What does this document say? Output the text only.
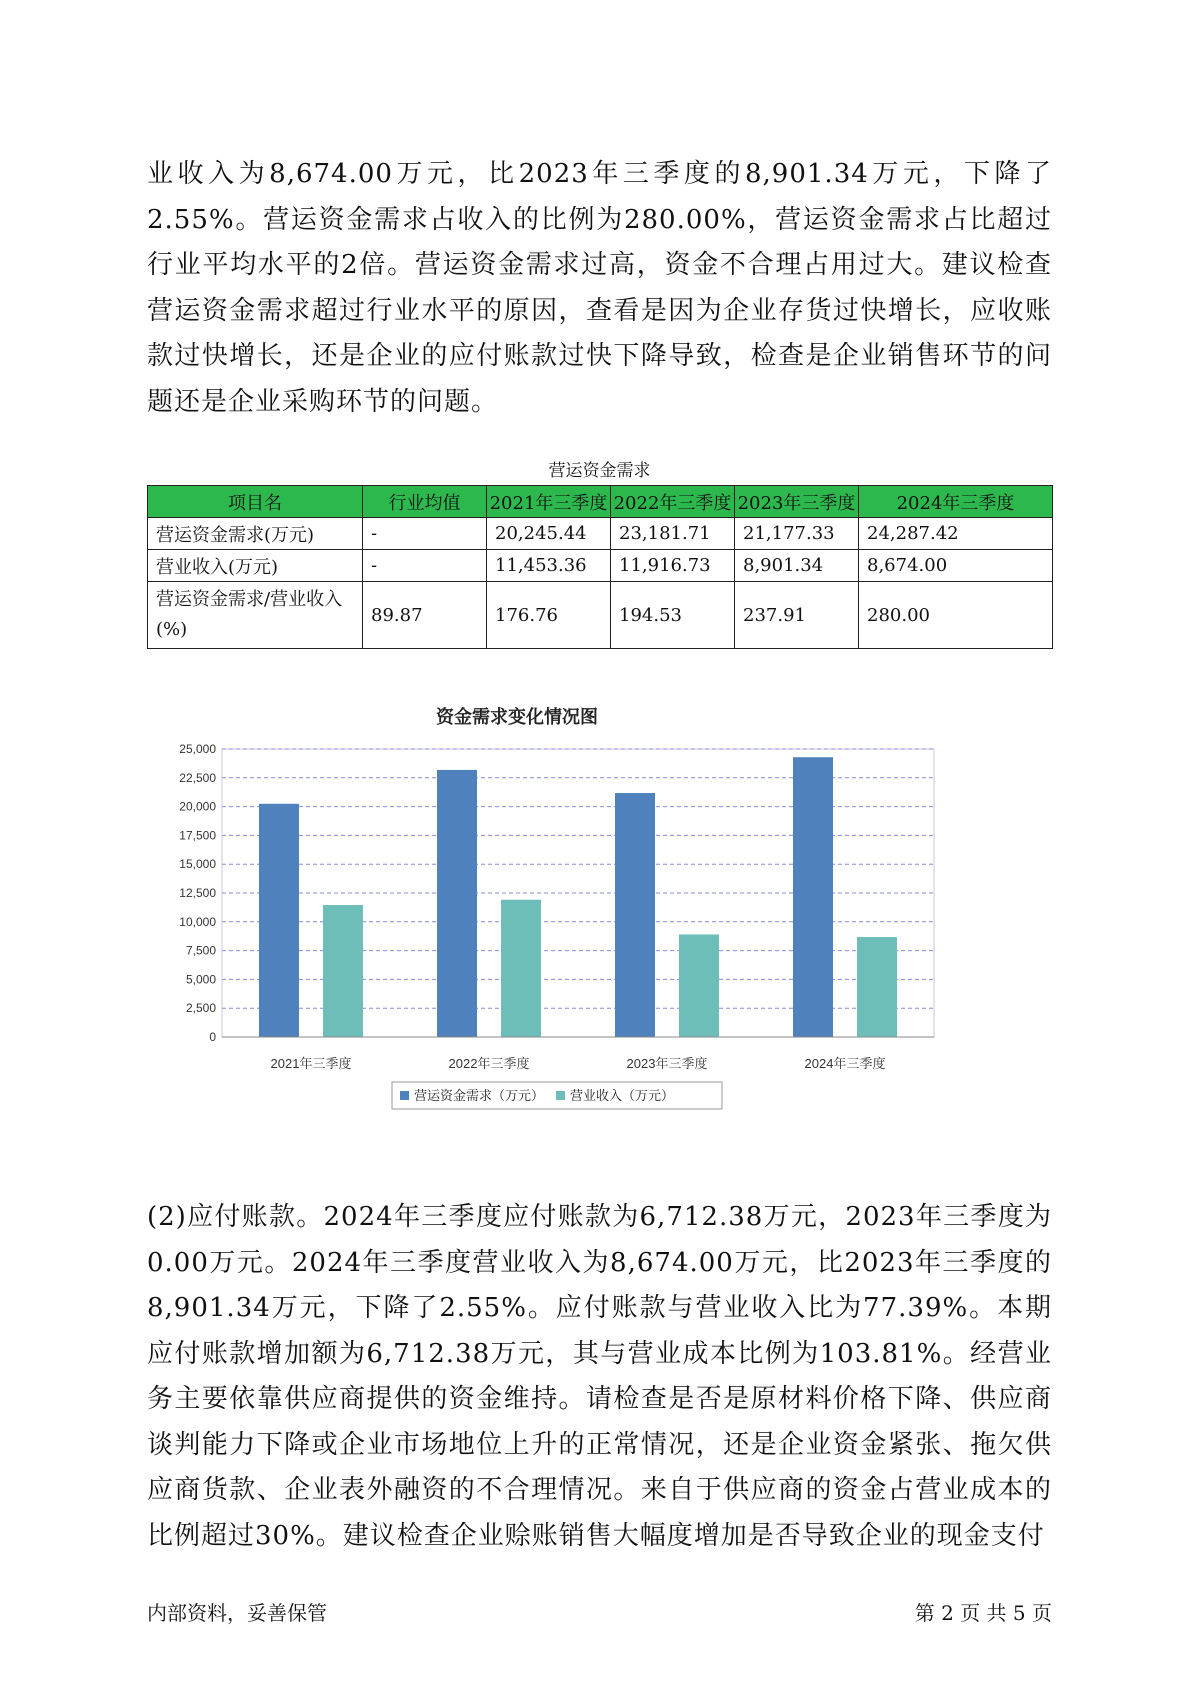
业收入为8,674.00万元，比2023年三季度的8,901.34万元，下降了2.55%。营运资金需求占收入的比例为280.00%，营运资金需求占比超过行业平均水平的2倍。营运资金需求过高，资金不合理占用过大。建议检查营运资金需求超过行业水平的原因，查看是因为企业存货过快增长，应收账款过快增长，还是企业的应付账款过快下降导致，检查是企业销售环节的问题还是企业采购环节的问题。

营运资金需求
项目名	行业均值	2021年三季度	2022年三季度	2023年三季度	2024年三季度
营运资金需求(万元)	-	20,245.44	23,181.71	21,177.33	24,287.42
营业收入(万元)	-	11,453.36	11,916.73	8,901.34	8,674.00
营运资金需求/营业收入(%)	89.87	176.76	194.53	237.91	280.00
资金需求变化情况图
0
2,500
5,000
7,500
10,000
12,500
15,000
17,500
20,000
22,500
25,000
2021年三季度	2022年三季度	2023年三季度	2024年三季度
营运资金需求（万元） 营业收入（万元）

(2)应付账款。2024年三季度应付账款为6,712.38万元，2023年三季度为0.00万元。2024年三季度营业收入为8,674.00万元，比2023年三季度的8,901.34万元，下降了2.55%。应付账款与营业收入比为77.39%。本期应付账款增加额为6,712.38万元，其与营业成本比例为103.81%。经营业务主要依靠供应商提供的资金维持。请检查是否是原材料价格下降、供应商谈判能力下降或企业市场地位上升的正常情况，还是企业资金紧张、拖欠供应商货款、企业表外融资的不合理情况。来自于供应商的资金占营业成本的比例超过30%。建议检查企业赊账销售大幅度增加是否导致企业的现金支付

内部资料，妥善保管	第 2 页 共 5 页
